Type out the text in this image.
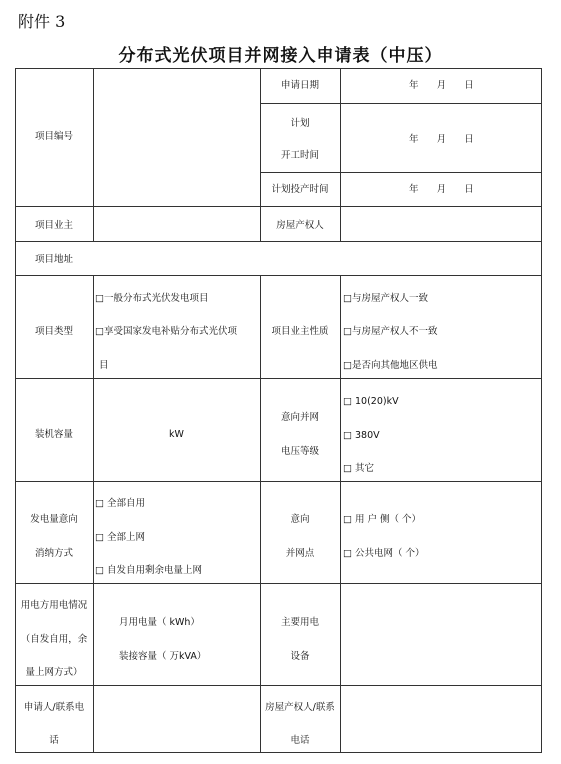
附件 3
分布式光伏项目并网接入申请表（中压）
项目编号
申请日期
计划
开工时间
计划投产时间
年 月 日
年 月 日
年 月 日
项目业主	房屋产权人
项目地址
项目类型
□一般分布式光伏发电项目
□享受国家发电补贴分布式光伏项
目
项目业主性质
□与房屋产权人一致
□与房屋产权人不一致
□是否向其他地区供电
装机容量	kW
意向并网
电压等级
□ 10(20)kV
□ 380V
□ 其它
发电量意向
消纳方式
□ 全部自用
□ 全部上网
□ 自发自用剩余电量上网
意向
并网点
□ 用 户 侧（ 个）
□ 公共电网（ 个）
用电方用电情况
（自发自用，余
量上网方式）
月用电量（ kWh）
装接容量（ 万kVA）
主要用电
设备
申请人/联系电
话
房屋产权人/联系
电话
